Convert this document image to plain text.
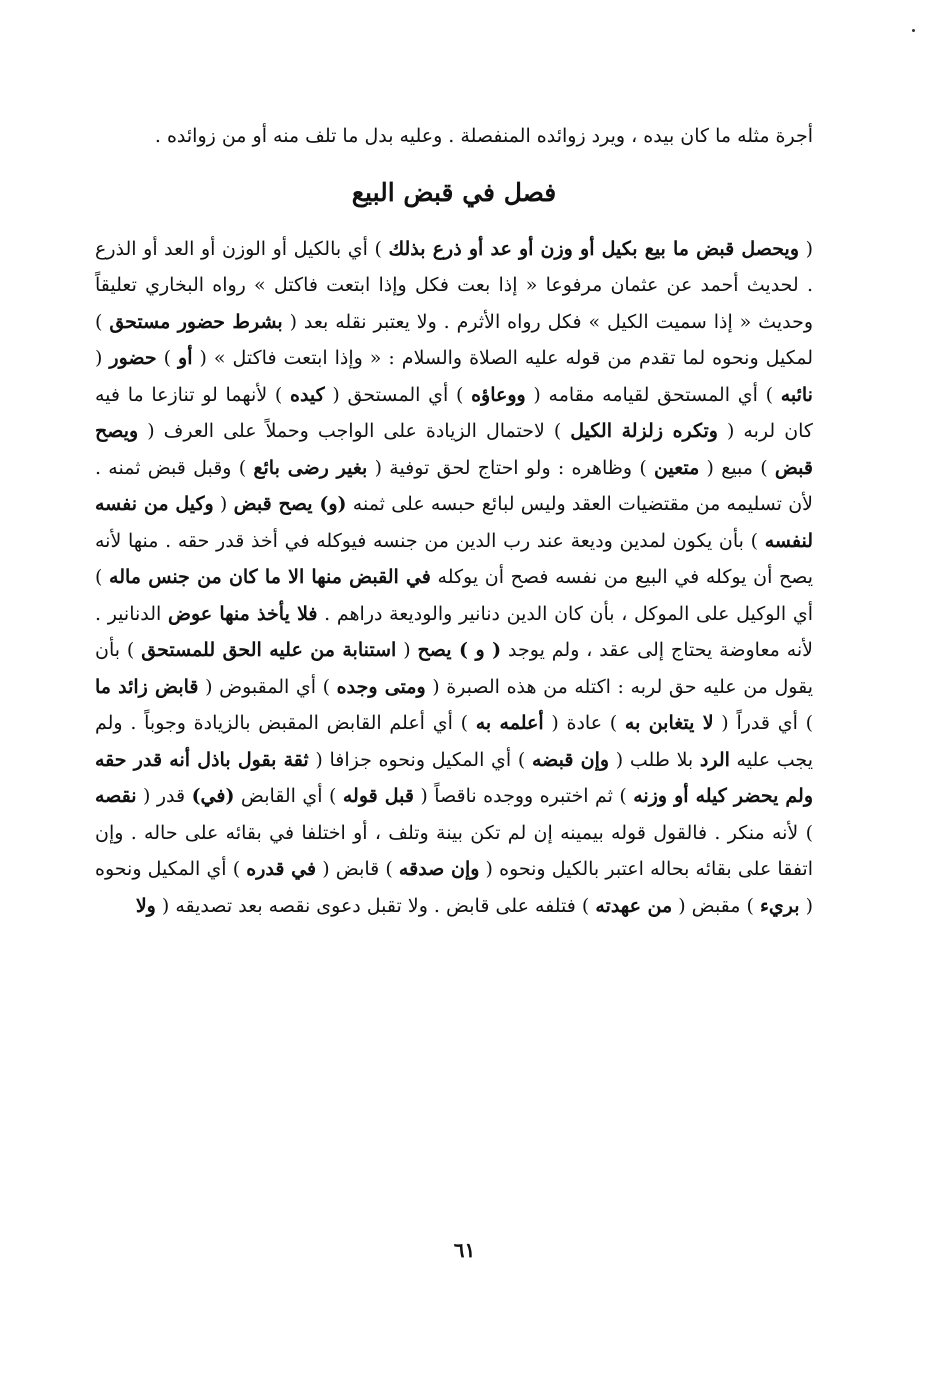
أجرة مثله ما كان بيده ، ويرد زوائده المنفصلة . وعليه بدل ما تلف منه أو من زوائده .

فصل في قبض البيع

( ويحصل قبض ما بيع بكيل أو وزن أو عد أو ذرع بذلك ) أي بالكيل أو الوزن أو العد أو الذرع . لحديث أحمد عن عثمان مرفوعا « إذا بعت فكل وإذا ابتعت فاكتل » رواه البخاري تعليقاً وحديث « إذا سميت الكيل » فكل رواه الأثرم . ولا يعتبر نقله بعد ( بشرط حضور مستحق ) لمكيل ونحوه لما تقدم من قوله عليه الصلاة والسلام : « وإذا ابتعت فاكتل » ( أو ) حضور ( نائبه ) أي المستحق لقيامه مقامه ( ووعاؤه ) أي المستحق ( كيده ) لأنهما لو تنازعا ما فيه كان لربه ( وتكره زلزلة الكيل ) لاحتمال الزيادة على الواجب وحملاً على العرف ( ويصح قبض ) مبيع ( متعين ) وظاهره : ولو احتاج لحق توفية ( بغير رضى بائع ) وقبل قبض ثمنه . لأن تسليمه من مقتضيات العقد وليس لبائع حبسه على ثمنه (و) يصح قبض ( وكيل من نفسه لنفسه ) بأن يكون لمدين وديعة عند رب الدين من جنسه فيوكله في أخذ قدر حقه . منها لأنه يصح أن يوكله في البيع من نفسه فصح أن يوكله في القبض منها الا ما كان من جنس ماله ) أي الوكيل على الموكل ، بأن كان الدين دنانير والوديعة دراهم . فلا يأخذ منها عوض الدنانير . لأنه معاوضة يحتاج إلى عقد ، ولم يوجد ( و ) يصح ( استنابة من عليه الحق للمستحق ) بأن يقول من عليه حق لربه : اكتله من هذه الصبرة ( ومتى وجده ) أي المقبوض ( قابض زائد ما ) أي قدراً ( لا يتغابن به ) عادة ( أعلمه به ) أي أعلم القابض المقبض بالزيادة وجوباً . ولم يجب عليه الرد بلا طلب ( وإن قبضه ) أي المكيل ونحوه جزافا ( ثقة بقول باذل أنه قدر حقه ولم يحضر كيله أو وزنه ) ثم اختبره ووجده ناقصاً ( قبل قوله ) أي القابض (في) قدر ( نقصه ) لأنه منكر . فالقول قوله بيمينه إن لم تكن بينة وتلف ، أو اختلفا في بقائه على حاله . وإن اتفقا على بقائه بحاله اعتبر بالكيل ونحوه ( وإن صدقه ) قابض ( في قدره ) أي المكيل ونحوه ( بريء ) مقبض ( من عهدته ) فتلفه على قابض . ولا تقبل دعوى نقصه بعد تصديقه ( ولا

٦١
